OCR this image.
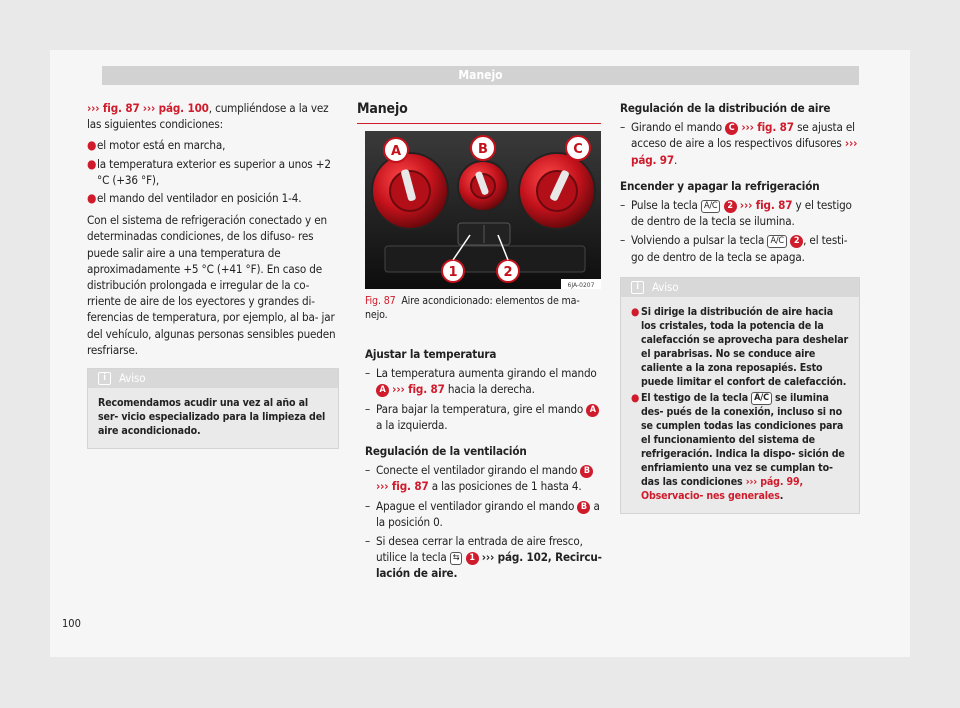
Manejo

››› fig. 87 ››› pág. 100, cumpliéndose a la vez las siguientes condiciones:

● el motor está en marcha,
● la temperatura exterior es superior a unos +2 °C (+36 °F),
● el mando del ventilador en posición 1-4.

Con el sistema de refrigeración conectado y en determinadas condiciones, de los difuso- res puede salir aire a una temperatura de aproximadamente +5 °C (+41 °F). En caso de distribución prolongada e irregular de la co- rriente de aire de los eyectores y grandes di- ferencias de temperatura, por ejemplo, al ba- jar del vehículo, algunas personas sensibles pueden resfriarse.

i	Aviso
Recomendamos acudir una vez al año al ser- vicio especializado para la limpieza del aire acondicionado.
Manejo
A	B	C
1	2
6JA-0207

Fig. 87 Aire acondicionado: elementos de ma- nejo.

Ajustar la temperatura
– La temperatura aumenta girando el mando A ››› fig. 87 hacia la derecha.
– Para bajar la temperatura, gire el mando A a la izquierda.
Regulación de la ventilación
– Conecte el ventilador girando el mando B ››› fig. 87 a las posiciones de 1 hasta 4.
– Apague el ventilador girando el mando B a la posición 0.
– Si desea cerrar la entrada de aire fresco, utilice la tecla ⇆ 1 ››› pág. 102, Recircu- lación de aire.
Regulación de la distribución de aire
– Girando el mando C ››› fig. 87 se ajusta el acceso de aire a los respectivos difusores ››› pág. 97.
Encender y apagar la refrigeración
– Pulse la tecla A/C 2 ››› fig. 87 y el testigo de dentro de la tecla se ilumina.
– Volviendo a pulsar la tecla A/C 2 , el testi- go de dentro de la tecla se apaga.
i	Aviso
● Si dirige la distribución de aire hacia los cristales, toda la potencia de la calefacción se aprovecha para deshelar el parabrisas. No se conduce aire caliente a la zona reposapiés. Esto puede limitar el confort de calefacción.
● El testigo de la tecla A/C se ilumina des- pués de la conexión, incluso si no se cumplen todas las condiciones para el funcionamiento del sistema de refrigeración. Indica la dispo- sición de enfriamiento una vez se cumplan to- das las condiciones ››› pág. 99, Observacio- nes generales.
100
